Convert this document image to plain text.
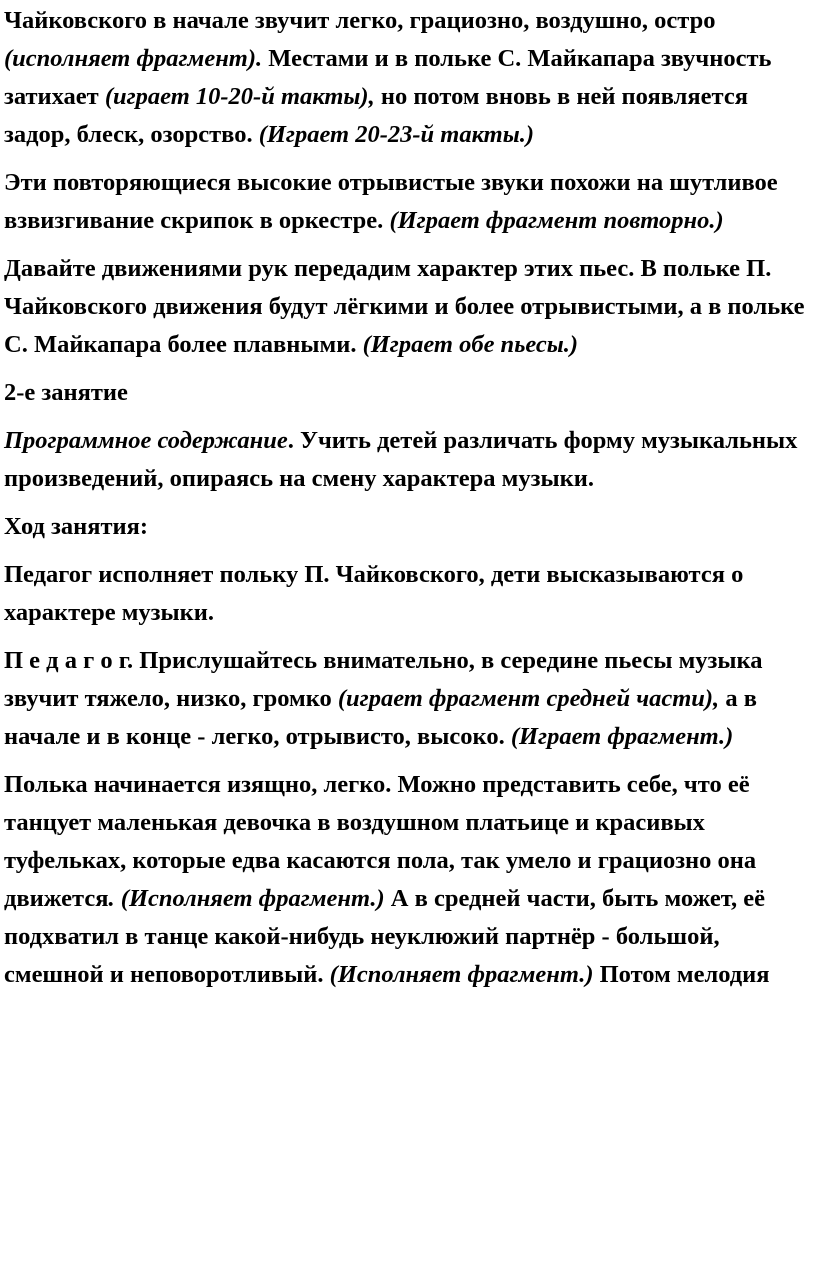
Чайковского в начале звучит легко, грациозно, воздушно, остро (исполняет фрагмент). Местами и в польке С. Майкапара звучность затихает (играет 10-20-й такты), но потом вновь в ней появляется задор, блеск, озорство. (Играет 20-23-й такты.)

Эти повторяющиеся высокие отрывистые звуки похожи на шутливое взвизгивание скрипок в оркестре. (Играет фрагмент повторно.)

Давайте движениями рук передадим характер этих пьес. В польке П. Чайковского движения будут лёгкими и более отрывистыми, а в польке С. Майкапара более плавными. (Играет обе пьесы.)

2-е занятие

Программное содержание. Учить детей различать форму музыкальных произведений, опираясь на смену характера музыки.

Ход занятия:

Педагог исполняет польку П. Чайковского, дети высказываются о характере музыки.

П е д а г о г. Прислушайтесь внимательно, в середине пьесы музыка звучит тяжело, низко, громко (играет фрагмент средней части), а в начале и в конце - легко, отрывисто, высоко. (Играет фрагмент.)

Полька начинается изящно, легко. Можно представить себе, что её танцует маленькая девочка в воздушном платьице и красивых туфельках, которые едва касаются пола, так умело и грациозно она движется. (Исполняет фрагмент.) А в средней части, быть может, её подхватил в танце какой-нибудь неуклюжий партнёр - большой, смешной и неповоротливый. (Исполняет фрагмент.) Потом мелодия
